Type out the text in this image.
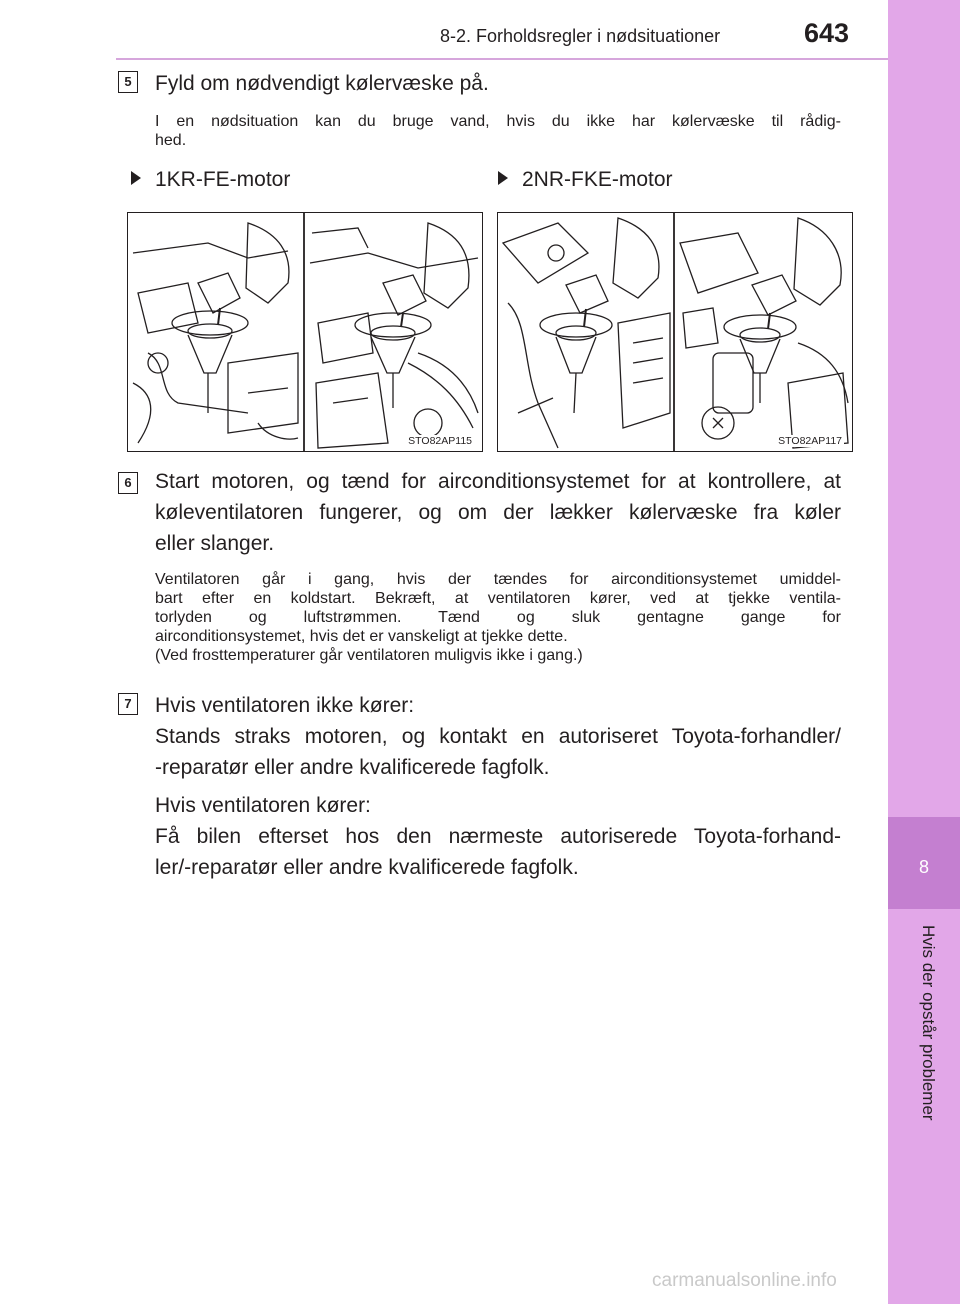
8-2. Forholdsregler i nødsituationer	643
8
Hvis der opstår problemer
5	Fyld om nødvendigt kølervæske på.
I en nødsituation kan du bruge vand, hvis du ikke har kølervæske til rådig-
hed.
1KR-FE-motor	2NR-FKE-motor
STO82AP115	STO82AP117
6	Start motoren, og tænd for airconditionsystemet for at kontrollere, at
køleventilatoren fungerer, og om der lækker kølervæske fra køler
eller slanger.
Ventilatoren går i gang, hvis der tændes for airconditionsystemet umiddel-
bart efter en koldstart. Bekræft, at ventilatoren kører, ved at tjekke ventila-
torlyden og luftstrømmen. Tænd og sluk gentagne gange for
airconditionsystemet, hvis det er vanskeligt at tjekke dette.
(Ved frosttemperaturer går ventilatoren muligvis ikke i gang.)
7	Hvis ventilatoren ikke kører:
Stands straks motoren, og kontakt en autoriseret Toyota-forhandler/
-reparatør eller andre kvalificerede fagfolk.
Hvis ventilatoren kører:
Få bilen efterset hos den nærmeste autoriserede Toyota-forhand-
ler/-reparatør eller andre kvalificerede fagfolk.
carmanualsonline.info
